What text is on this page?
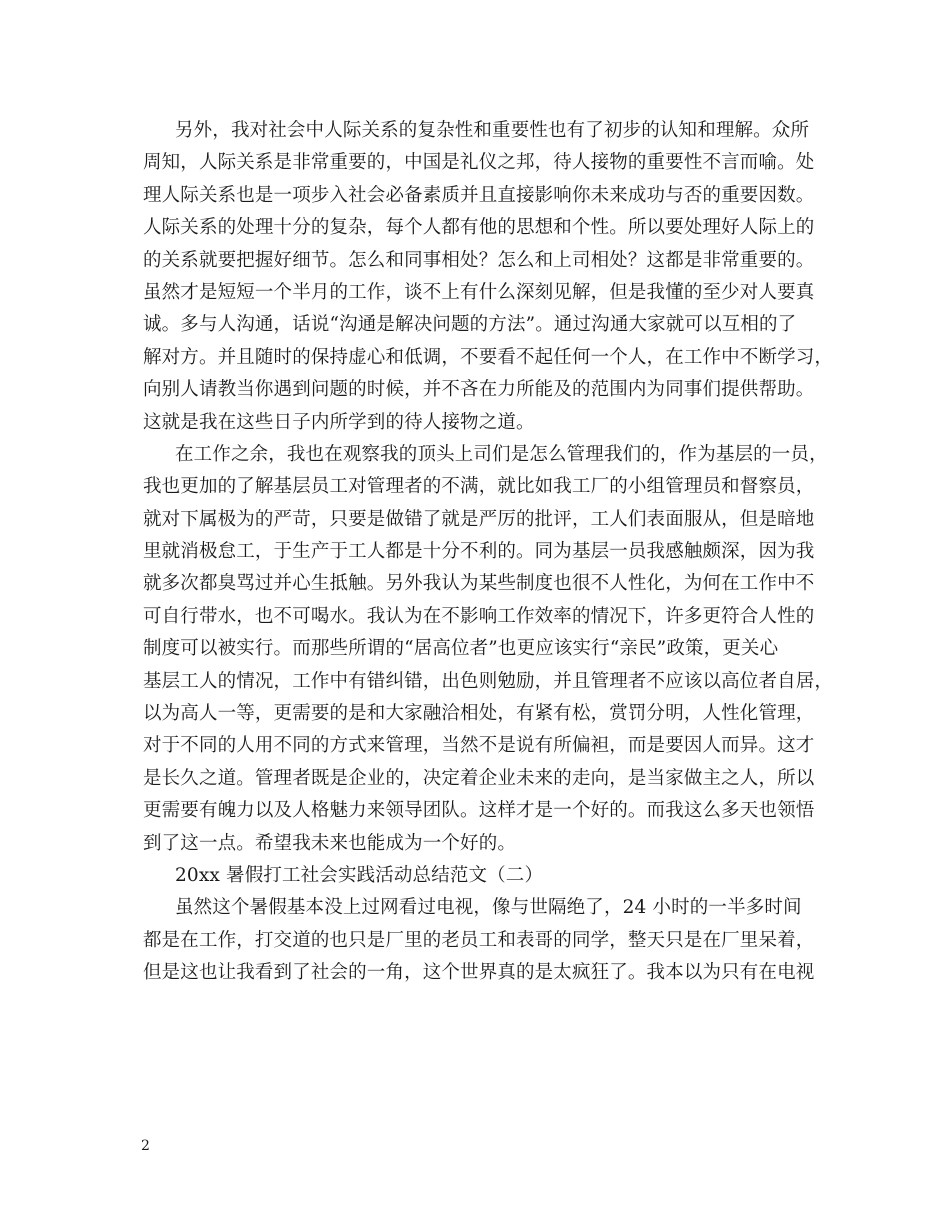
另外，我对社会中人际关系的复杂性和重要性也有了初步的认知和理解。众所
周知，人际关系是非常重要的，中国是礼仪之邦，待人接物的重要性不言而喻。处
理人际关系也是一项步入社会必备素质并且直接影响你未来成功与否的重要因数。
人际关系的处理十分的复杂，每个人都有他的思想和个性。所以要处理好人际上的
的关系就要把握好细节。怎么和同事相处？怎么和上司相处？这都是非常重要的。
虽然才是短短一个半月的工作，谈不上有什么深刻见解，但是我懂的至少对人要真
诚。多与人沟通，话说“沟通是解决问题的方法”。通过沟通大家就可以互相的了
解对方。并且随时的保持虚心和低调，不要看不起任何一个人，在工作中不断学习，
向别人请教当你遇到问题的时候，并不吝在力所能及的范围内为同事们提供帮助。
这就是我在这些日子内所学到的待人接物之道。
在工作之余，我也在观察我的顶头上司们是怎么管理我们的，作为基层的一员，
我也更加的了解基层员工对管理者的不满，就比如我工厂的小组管理员和督察员，
就对下属极为的严苛，只要是做错了就是严厉的批评，工人们表面服从，但是暗地
里就消极怠工，于生产于工人都是十分不利的。同为基层一员我感触颇深，因为我
就多次都臭骂过并心生抵触。另外我认为某些制度也很不人性化，为何在工作中不
可自行带水，也不可喝水。我认为在不影响工作效率的情况下，许多更符合人性的
制度可以被实行。而那些所谓的“居高位者”也更应该实行“亲民”政策，更关心
基层工人的情况，工作中有错纠错，出色则勉励，并且管理者不应该以高位者自居，
以为高人一等，更需要的是和大家融洽相处，有紧有松，赏罚分明，人性化管理，
对于不同的人用不同的方式来管理，当然不是说有所偏袒，而是要因人而异。这才
是长久之道。管理者既是企业的，决定着企业未来的走向，是当家做主之人，所以
更需要有魄力以及人格魅力来领导团队。这样才是一个好的。而我这么多天也领悟
到了这一点。希望我未来也能成为一个好的。
20xx 暑假打工社会实践活动总结范文（二）
虽然这个暑假基本没上过网看过电视，像与世隔绝了，24 小时的一半多时间
都是在工作，打交道的也只是厂里的老员工和表哥的同学，整天只是在厂里呆着，
但是这也让我看到了社会的一角，这个世界真的是太疯狂了。我本以为只有在电视
2
